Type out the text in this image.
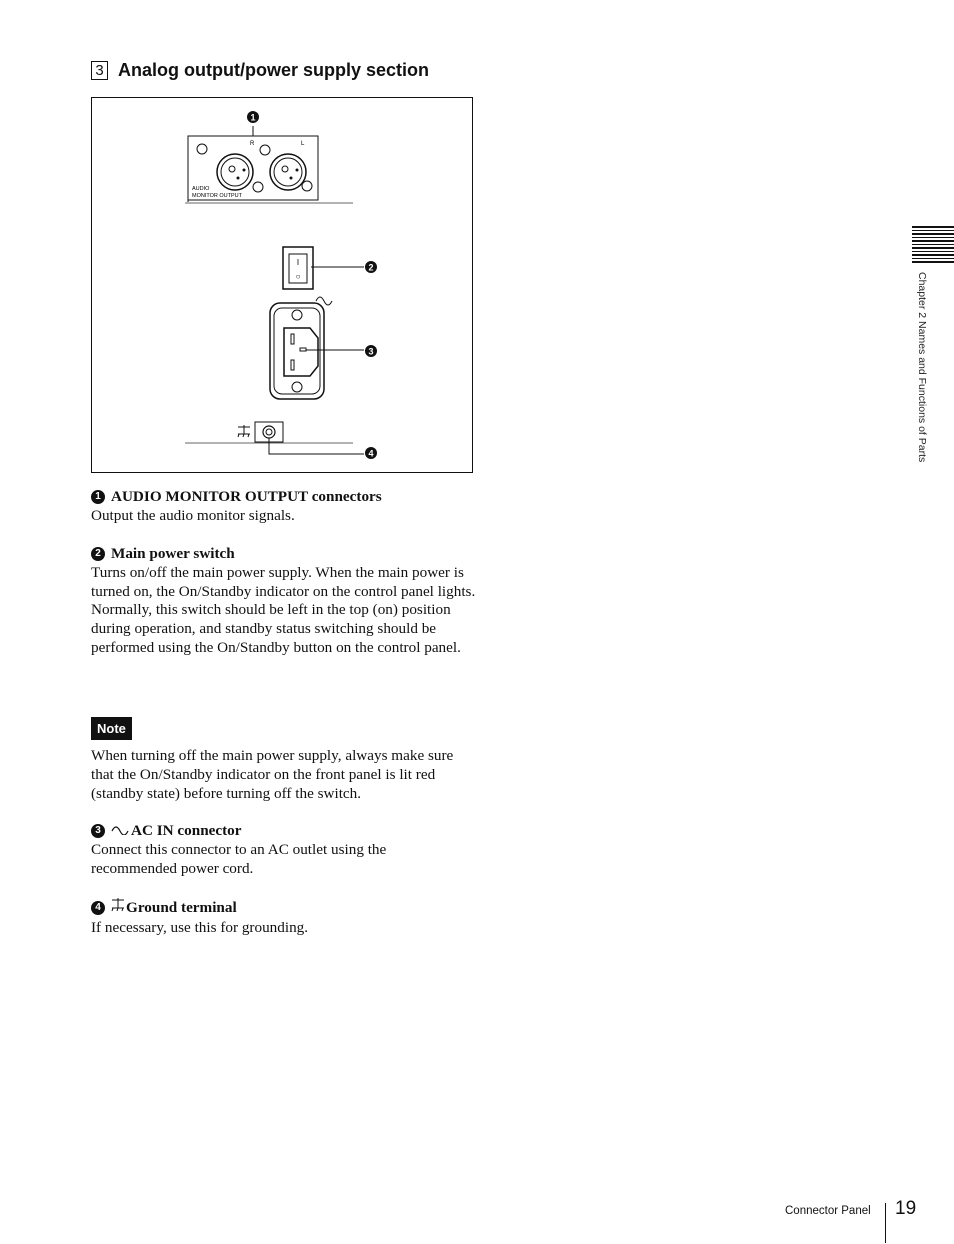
3 Analog output/power supply section
R	L
AUDIO
MONITOR OUTPUT
1
I
○
2
3
4
1 AUDIO MONITOR OUTPUT connectors

Output the audio monitor signals.

2 Main power switch

Turns on/off the main power supply. When the main power is turned on, the On/Standby indicator on the control panel lights.

Normally, this switch should be left in the top (on) position during operation, and standby status switching should be performed using the On/Standby button on the control panel.

Note

When turning off the main power supply, always make sure that the On/Standby indicator on the front panel is lit red (standby state) before turning off the switch.

3 AC IN connector

Connect this connector to an AC outlet using the recommended power cord.

4 Ground terminal

If necessary, use this for grounding.

Chapter 2 Names and Functions of Parts
Connector Panel 19
